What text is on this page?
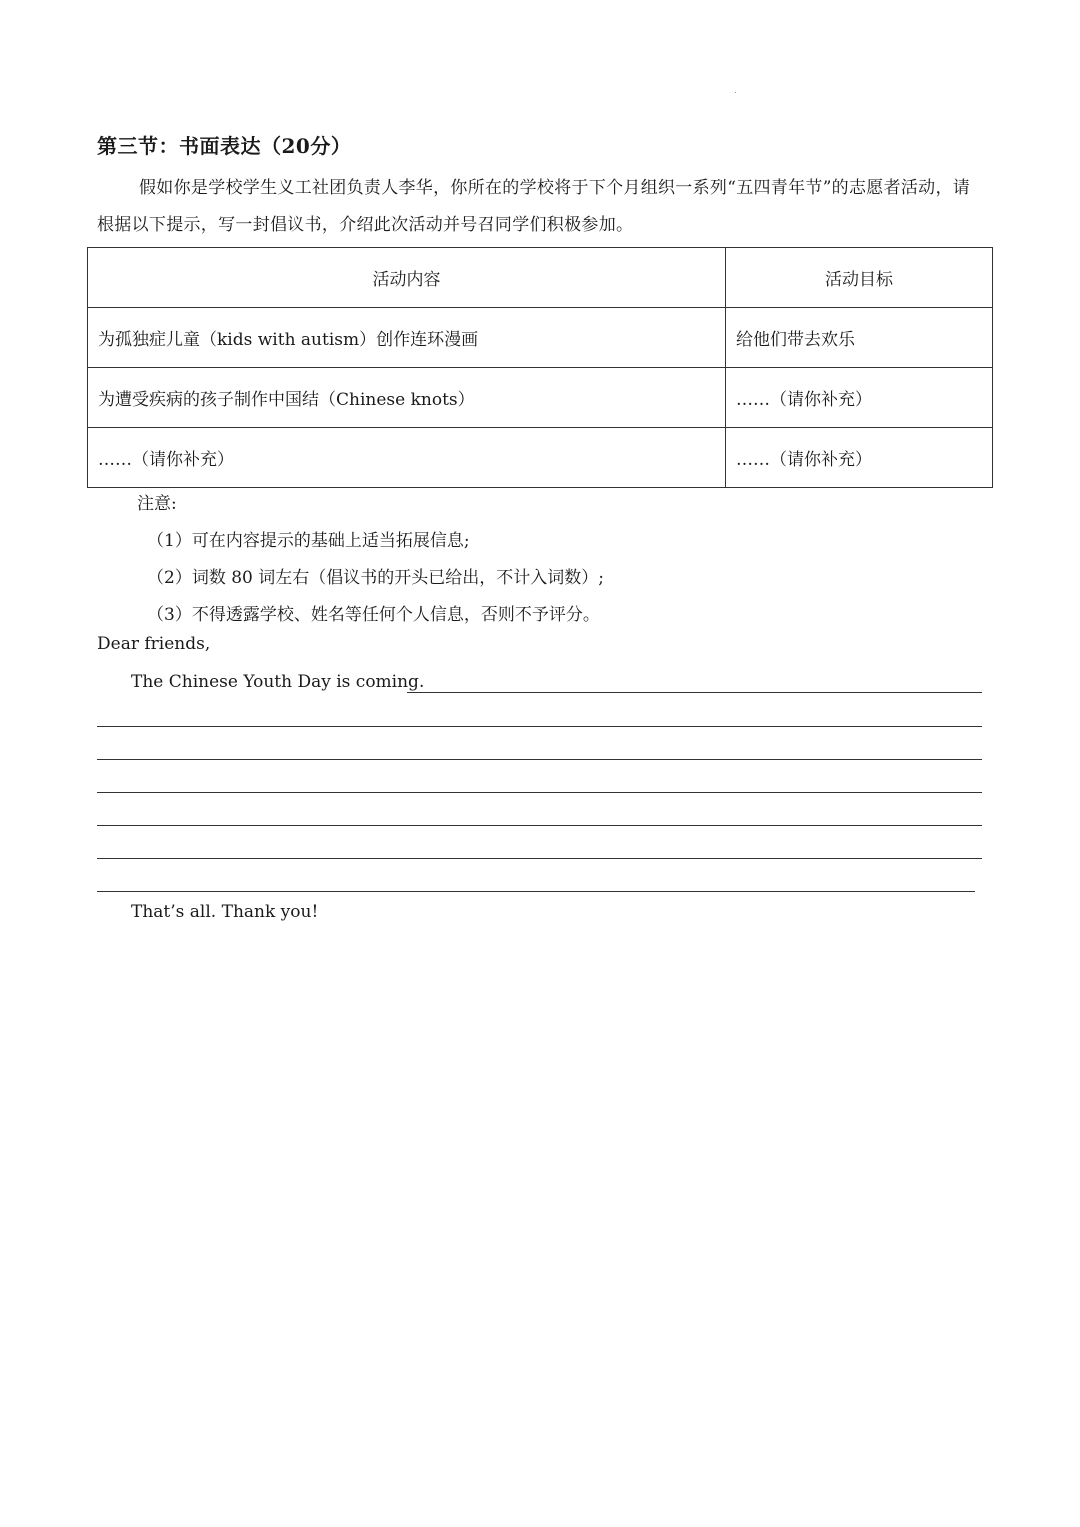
第三节：书面表达（20分）
假如你是学校学生义工社团负责人李华，你所在的学校将于下个月组织一系列“五四青年节”的志愿者活动，请根据以下提示，写一封倡议书，介绍此次活动并号召同学们积极参加。
活动内容	活动目标
为孤独症儿童（kids with autism）创作连环漫画	给他们带去欢乐
为遭受疾病的孩子制作中国结（Chinese knots）	……（请你补充）
……（请你补充）	……（请你补充）
注意:
（1）可在内容提示的基础上适当拓展信息;
（2）词数 80 词左右（倡议书的开头已给出，不计入词数）;
（3）不得透露学校、姓名等任何个人信息，否则不予评分。
Dear friends,
The Chinese Youth Day is coming.
That’s all. Thank you!
